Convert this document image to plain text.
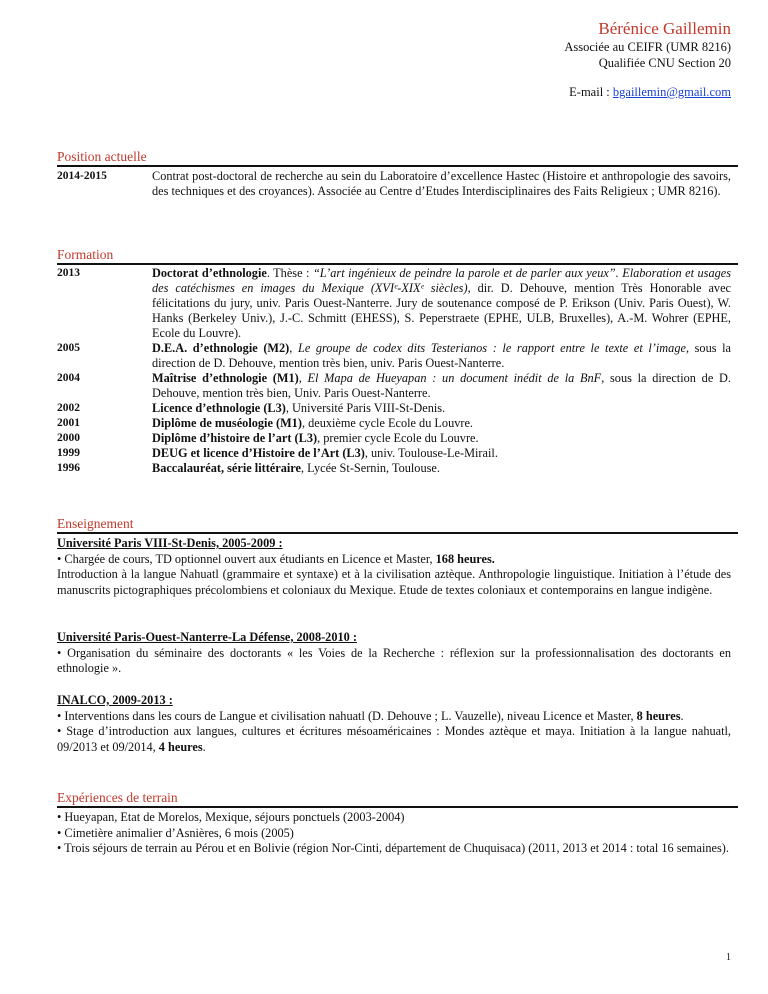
Bérénice Gaillemin
Associée au CEIFR (UMR 8216)
Qualifiée CNU Section 20
E-mail : bgaillemin@gmail.com
Position actuelle
2014-2015	Contrat post-doctoral de recherche au sein du Laboratoire d’excellence Hastec (Histoire et anthropologie des savoirs, des techniques et des croyances). Associée au Centre d’Etudes Interdisciplinaires des Faits Religieux ; UMR 8216).
Formation
2013	Doctorat d’ethnologie. Thèse : “L’art ingénieux de peindre la parole et de parler aux yeux”. Elaboration et usages des catéchismes en images du Mexique (XVIᵉ-XIXᵉ siècles), dir. D. Dehouve, mention Très Honorable avec félicitations du jury, univ. Paris Ouest-Nanterre. Jury de soutenance composé de P. Erikson (Univ. Paris Ouest), W. Hanks (Berkeley Univ.), J.-C. Schmitt (EHESS), S. Peperstraete (EPHE, ULB, Bruxelles), A.-M. Wohrer (EPHE, Ecole du Louvre).
2005	D.E.A. d’ethnologie (M2), Le groupe de codex dits Testerianos : le rapport entre le texte et l’image, sous la direction de D. Dehouve, mention très bien, univ. Paris Ouest-Nanterre.
2004	Maîtrise d’ethnologie (M1), El Mapa de Hueyapan : un document inédit de la BnF, sous la direction de D. Dehouve, mention très bien, Univ. Paris Ouest-Nanterre.
2002	Licence d’ethnologie (L3), Université Paris VIII-St-Denis.
2001	Diplôme de muséologie (M1), deuxième cycle Ecole du Louvre.
2000	Diplôme d’histoire de l’art (L3), premier cycle Ecole du Louvre.
1999	DEUG et licence d’Histoire de l’Art (L3), univ. Toulouse-Le-Mirail.
1996	Baccalauréat, série littéraire, Lycée St-Sernin, Toulouse.
Enseignement

Université Paris VIII-St-Denis, 2005-2009 :

• Chargée de cours, TD optionnel ouvert aux étudiants en Licence et Master, 168 heures.

Introduction à la langue Nahuatl (grammaire et syntaxe) et à la civilisation aztèque. Anthropologie linguistique. Initiation à l’étude des manuscrits pictographiques précolombiens et coloniaux du Mexique. Etude de textes coloniaux et contemporains en langue indigène.

Université Paris-Ouest-Nanterre-La Défense, 2008-2010 :

• Organisation du séminaire des doctorants « les Voies de la Recherche : réflexion sur la professionnalisation des doctorants en ethnologie ».

INALCO, 2009-2013 :

• Interventions dans les cours de Langue et civilisation nahuatl (D. Dehouve ; L. Vauzelle), niveau Licence et Master, 8 heures.

• Stage d’introduction aux langues, cultures et écritures mésoaméricaines : Mondes aztèque et maya. Initiation à la langue nahuatl, 09/2013 et 09/2014, 4 heures.

Expériences de terrain

• Hueyapan, Etat de Morelos, Mexique, séjours ponctuels (2003-2004)

• Cimetière animalier d’Asnières, 6 mois (2005)

• Trois séjours de terrain au Pérou et en Bolivie (région Nor-Cinti, département de Chuquisaca) (2011, 2013 et 2014 : total 16 semaines).

1
